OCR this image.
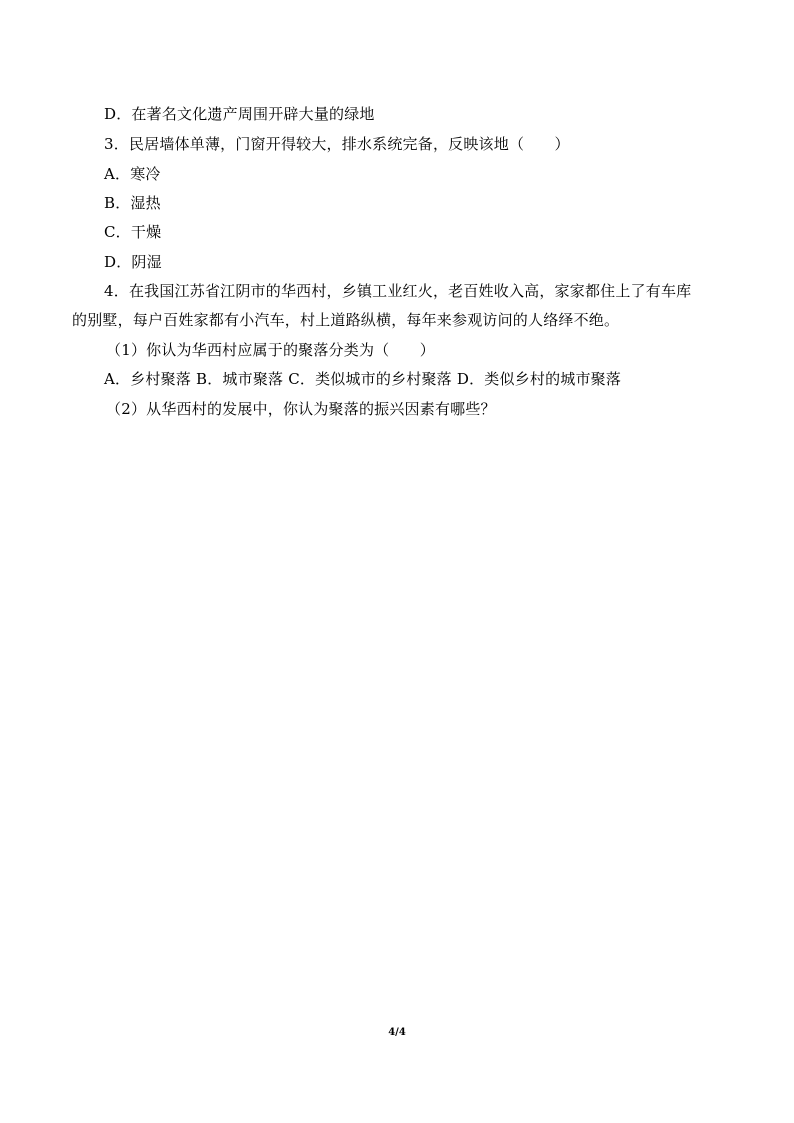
D．在著名文化遗产周围开辟大量的绿地
3．民居墙体单薄，门窗开得较大，排水系统完备，反映该地（　　）
A．寒冷
B．湿热
C．干燥
D．阴湿
4．在我国江苏省江阴市的华西村，乡镇工业红火，老百姓收入高，家家都住上了有车库
的别墅，每户百姓家都有小汽车，村上道路纵横，每年来参观访问的人络绎不绝。
（1）你认为华西村应属于的聚落分类为（　　）
A．乡村聚落 B．城市聚落 C．类似城市的乡村聚落 D．类似乡村的城市聚落
（2）从华西村的发展中，你认为聚落的振兴因素有哪些？
4/4
